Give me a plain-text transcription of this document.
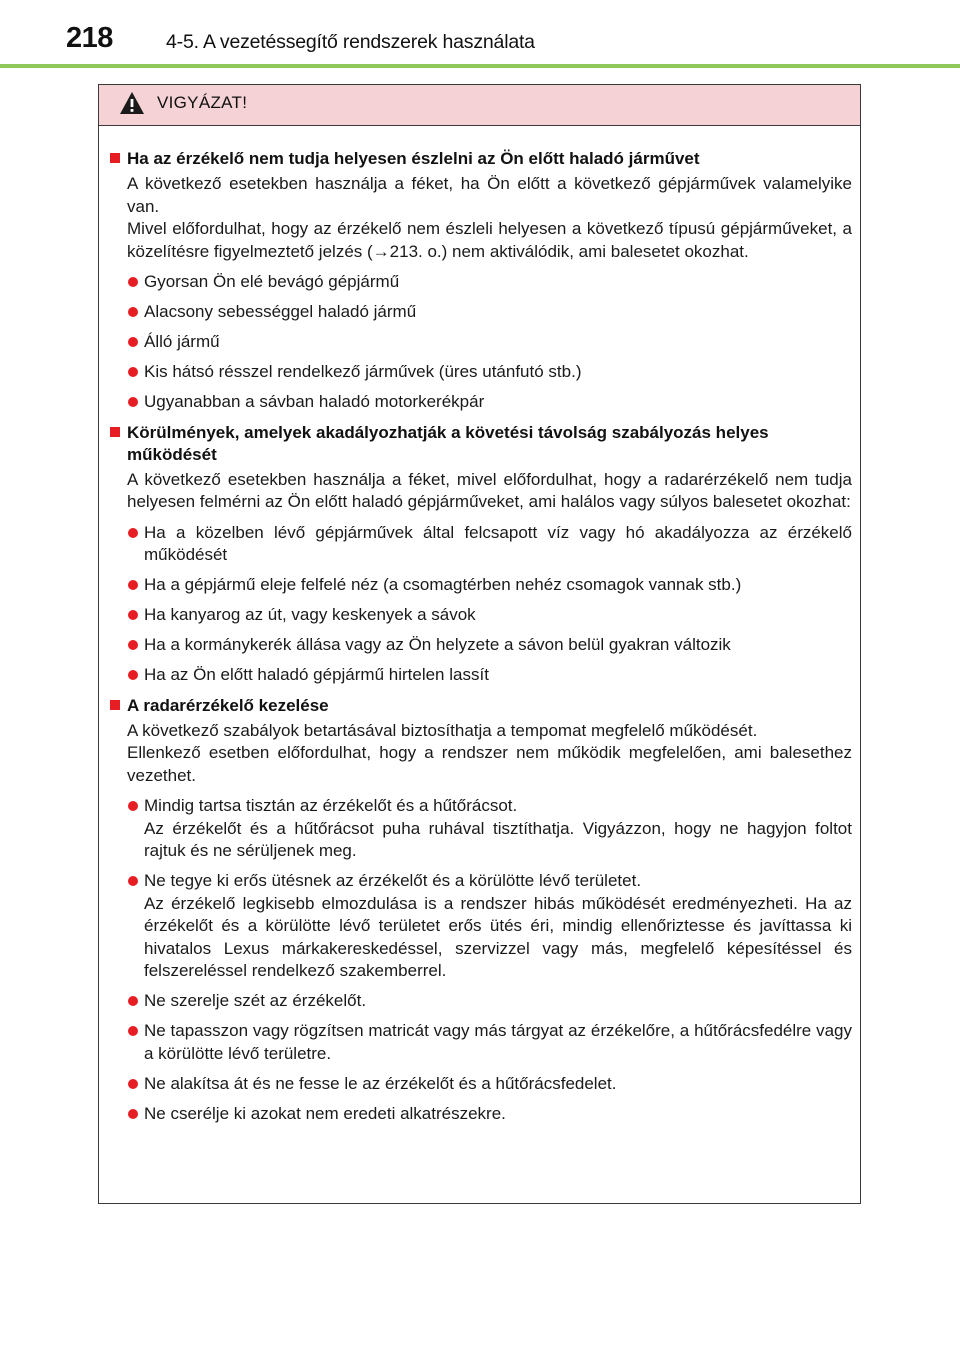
218	4-5. A vezetéssegítő rendszerek használata
VIGYÁZAT!
Ha az érzékelő nem tudja helyesen észlelni az Ön előtt haladó járművet

A következő esetekben használja a féket, ha Ön előtt a következő gépjárművek valamelyike van.

Mivel előfordulhat, hogy az érzékelő nem észleli helyesen a következő típusú gépjárműveket, a közelítésre figyelmeztető jelzés (→213. o.) nem aktiválódik, ami balesetet okozhat.

Gyorsan Ön elé bevágó gépjármű
Alacsony sebességgel haladó jármű
Álló jármű
Kis hátsó résszel rendelkező járművek (üres utánfutó stb.)
Ugyanabban a sávban haladó motorkerékpár
Körülmények, amelyek akadályozhatják a követési távolság szabályozás helyes működését

A következő esetekben használja a féket, mivel előfordulhat, hogy a radarérzékelő nem tudja helyesen felmérni az Ön előtt haladó gépjárműveket, ami halálos vagy súlyos balesetet okozhat:

Ha a közelben lévő gépjárművek által felcsapott víz vagy hó akadályozza az érzékelő működését
Ha a gépjármű eleje felfelé néz (a csomagtérben nehéz csomagok vannak stb.)
Ha kanyarog az út, vagy keskenyek a sávok
Ha a kormánykerék állása vagy az Ön helyzete a sávon belül gyakran változik
Ha az Ön előtt haladó gépjármű hirtelen lassít
A radarérzékelő kezelése

A következő szabályok betartásával biztosíthatja a tempomat megfelelő működését.

Ellenkező esetben előfordulhat, hogy a rendszer nem működik megfelelően, ami balesethez vezethet.

Mindig tartsa tisztán az érzékelőt és a hűtőrácsot.
Az érzékelőt és a hűtőrácsot puha ruhával tisztíthatja. Vigyázzon, hogy ne hagyjon foltot rajtuk és ne sérüljenek meg.
Ne tegye ki erős ütésnek az érzékelőt és a körülötte lévő területet.
Az érzékelő legkisebb elmozdulása is a rendszer hibás működését eredményezheti. Ha az érzékelőt és a körülötte lévő területet erős ütés éri, mindig ellenőriztesse és javíttassa ki hivatalos Lexus márkakereskedéssel, szervizzel vagy más, megfelelő képesítéssel és felszereléssel rendelkező szakemberrel.
Ne szerelje szét az érzékelőt.
Ne tapasszon vagy rögzítsen matricát vagy más tárgyat az érzékelőre, a hűtőrácsfedélre vagy a körülötte lévő területre.
Ne alakítsa át és ne fesse le az érzékelőt és a hűtőrácsfedelet.
Ne cserélje ki azokat nem eredeti alkatrészekre.
